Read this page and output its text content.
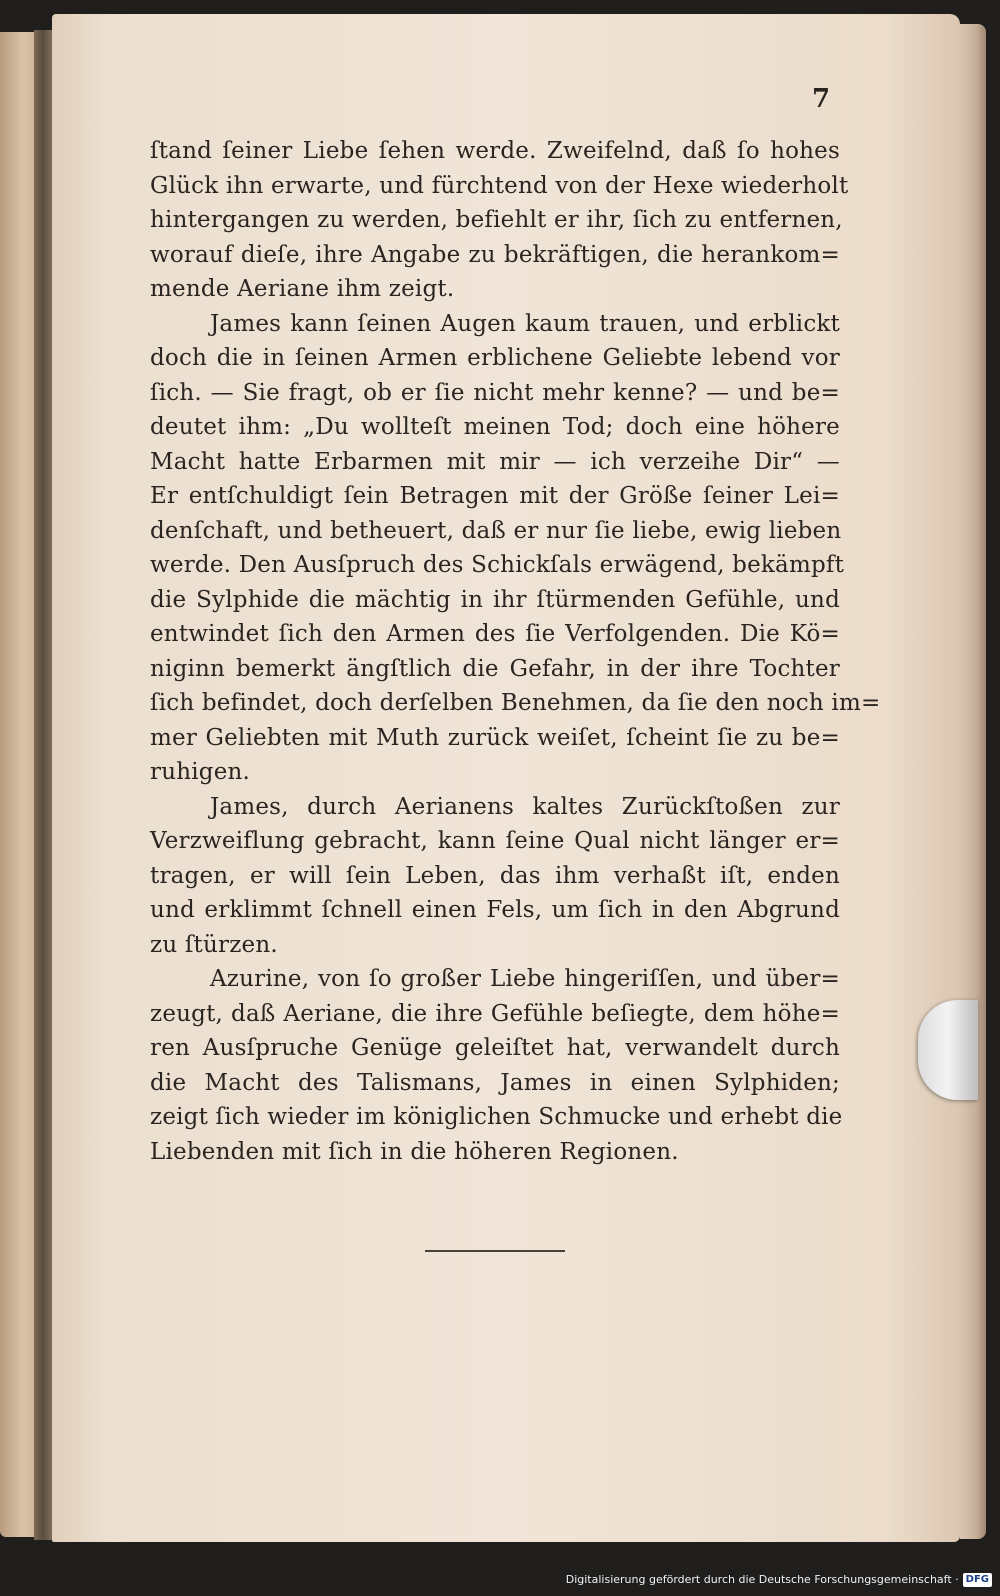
7
ſtand ſeiner Liebe ſehen werde. Zweifelnd, daß ſo hohes
Glück ihn erwarte, und fürchtend von der Hexe wiederholt
hintergangen zu werden, befiehlt er ihr, ſich zu entfernen,
worauf dieſe, ihre Angabe zu bekräftigen, die herankom=
mende Aeriane ihm zeigt.
James kann ſeinen Augen kaum trauen, und erblickt
doch die in ſeinen Armen erblichene Geliebte lebend vor
ſich. — Sie fragt, ob er ſie nicht mehr kenne? — und be=
deutet ihm: „Du wollteſt meinen Tod; doch eine höhere
Macht hatte Erbarmen mit mir — ich verzeihe Dir“ —
Er entſchuldigt ſein Betragen mit der Größe ſeiner Lei=
denſchaft, und betheuert, daß er nur ſie liebe, ewig lieben
werde. Den Ausſpruch des Schickſals erwägend, bekämpft
die Sylphide die mächtig in ihr ſtürmenden Gefühle, und
entwindet ſich den Armen des ſie Verfolgenden. Die Kö=
niginn bemerkt ängſtlich die Gefahr, in der ihre Tochter
ſich befindet, doch derſelben Benehmen, da ſie den noch im=
mer Geliebten mit Muth zurück weiſet, ſcheint ſie zu be=
ruhigen.
James, durch Aerianens kaltes Zurückſtoßen zur
Verzweiflung gebracht, kann ſeine Qual nicht länger er=
tragen, er will ſein Leben, das ihm verhaßt iſt, enden
und erklimmt ſchnell einen Fels, um ſich in den Abgrund
zu ſtürzen.
Azurine, von ſo großer Liebe hingeriſſen, und über=
zeugt, daß Aeriane, die ihre Gefühle beſiegte, dem höhe=
ren Ausſpruche Genüge geleiſtet hat, verwandelt durch
die Macht des Talismans, James in einen Sylphiden;
zeigt ſich wieder im königlichen Schmucke und erhebt die
Liebenden mit ſich in die höheren Regionen.
Digitalisierung gefördert durch die Deutsche Forschungsgemeinschaft · DFG
